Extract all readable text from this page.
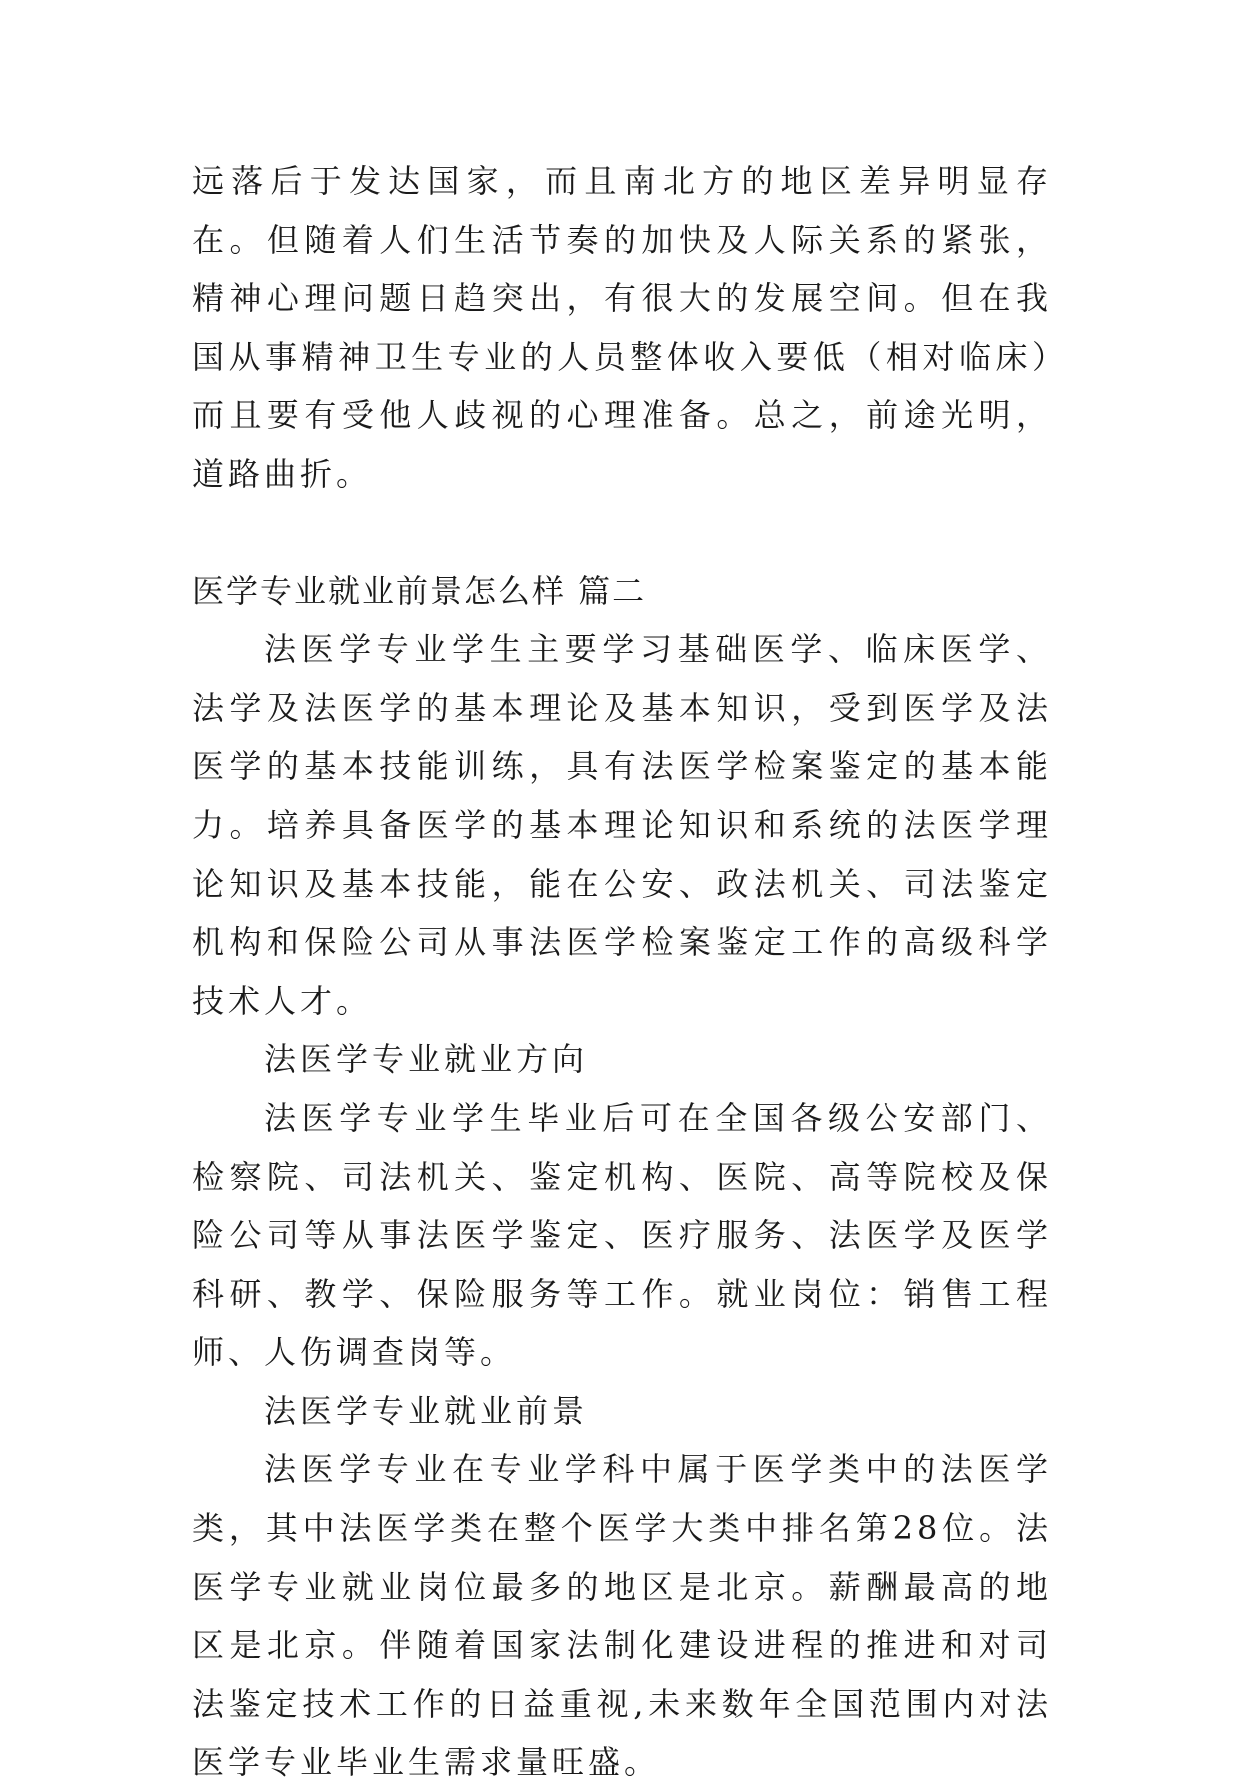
远落后于发达国家，而且南北方的地区差异明显存在。但随着人们生活节奏的加快及人际关系的紧张，精神心理问题日趋突出，有很大的发展空间。但在我国从事精神卫生专业的人员整体收入要低（相对临床）而且要有受他人歧视的心理准备。总之，前途光明，道路曲折。

医学专业就业前景怎么样 篇二

法医学专业学生主要学习基础医学、临床医学、法学及法医学的基本理论及基本知识，受到医学及法医学的基本技能训练，具有法医学检案鉴定的基本能力。培养具备医学的基本理论知识和系统的法医学理论知识及基本技能，能在公安、政法机关、司法鉴定机构和保险公司从事法医学检案鉴定工作的高级科学技术人才。

法医学专业就业方向

法医学专业学生毕业后可在全国各级公安部门、检察院、司法机关、鉴定机构、医院、高等院校及保险公司等从事法医学鉴定、医疗服务、法医学及医学科研、教学、保险服务等工作。就业岗位：销售工程师、人伤调查岗等。

法医学专业就业前景

法医学专业在专业学科中属于医学类中的法医学类，其中法医学类在整个医学大类中排名第28位。法医学专业就业岗位最多的地区是北京。薪酬最高的地区是北京。伴随着国家法制化建设进程的推进和对司法鉴定技术工作的日益重视,未来数年全国范围内对法医学专业毕业生需求量旺盛。
